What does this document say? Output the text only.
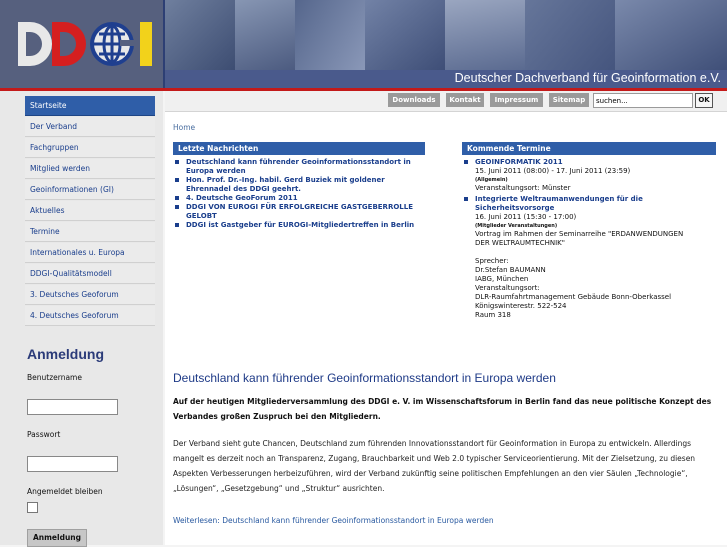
Deutscher Dachverband für Geoinformation e.V.
Startseite
Der Verband
Fachgruppen
Mitglied werden
Geoinformationen (GI)
Aktuelles
Termine
Internationales u. Europa
DDGI-Qualitätsmodell
3. Deutsches Geoforum
4. Deutsches Geoforum
Anmeldung
Benutzername
Passwort
Angemeldet bleiben
Anmeldung
Downloads	Kontakt	Impressum	Sitemap
suchen...	OK
Home
Letzte Nachrichten
Deutschland kann führender Geoinformationsstandort in Europa werden
Hon. Prof. Dr.-Ing. habil. Gerd Buziek mit goldener Ehrennadel des DDGI geehrt.
4. Deutsche GeoForum 2011
DDGI VON EUROGI FÜR ERFOLGREICHE GASTGEBERROLLE GELOBT
DDGI ist Gastgeber für EUROGI-Mitgliedertreffen in Berlin
Kommende Termine
GEOINFORMATIK 2011
15. Juni 2011 (08:00) - 17. Juni 2011 (23:59)
(Allgemein)
Veranstaltungsort: Münster
Integrierte Weltraumanwendungen für die Sicherheitsvorsorge
16. Juni 2011 (15:30 - 17:00)
(Mitglieder Veranstaltungen)
Vortrag im Rahmen der Seminarreihe "ERDANWENDUNGEN
DER WELTRAUMTECHNIK"
Sprecher:
Dr.Stefan BAUMANN
IABG, München
Veranstaltungsort:
DLR-Raumfahrtmanagement Gebäude Bonn-Oberkassel
Königswinterestr. 522-524
Raum 318
Deutschland kann führender Geoinformationsstandort in Europa werden
Auf der heutigen Mitgliederversammlung des DDGI e. V. im Wissenschaftsforum in Berlin fand das neue politische Konzept des Verbandes großen Zuspruch bei den Mitgliedern.
Der Verband sieht gute Chancen, Deutschland zum führenden Innovationsstandort für Geoinformation in Europa zu entwickeln. Allerdings mangelt es derzeit noch an Transparenz, Zugang, Brauchbarkeit und Web 2.0 typischer Serviceorientierung. Mit der Zielsetzung, zu diesen Aspekten Verbesserungen herbeizuführen, wird der Verband zukünftig seine politischen Empfehlungen an den vier Säulen „Technologie“, „Lösungen“, „Gesetzgebung“ und „Struktur“ ausrichten.
Weiterlesen: Deutschland kann führender Geoinformationsstandort in Europa werden
